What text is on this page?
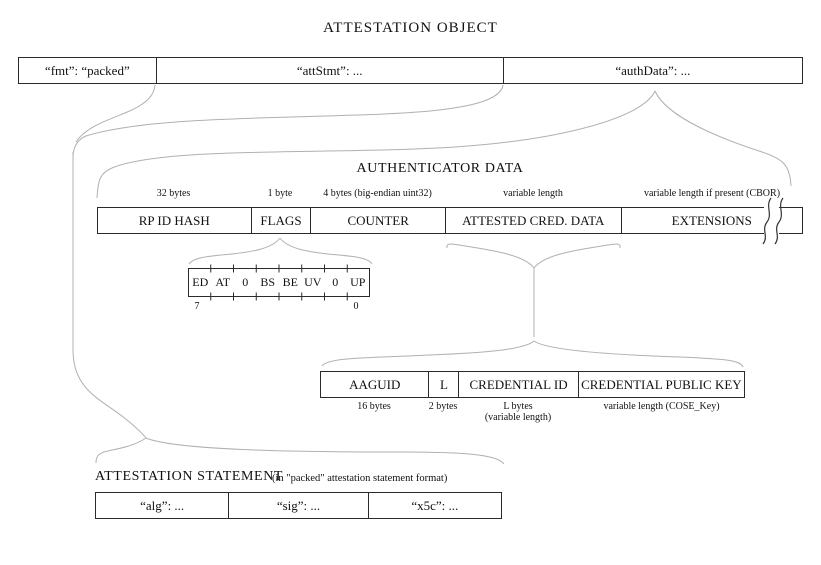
ATTESTATION OBJECT
“fmt”: “packed”	“attStmt”: ...	“authData”: ...
AUTHENTICATOR DATA
32 bytes	1 byte	4 bytes (big-endian uint32)	variable length	variable length if present (CBOR)
RP ID HASH	FLAGS	COUNTER	ATTESTED CRED. DATA	EXTENSIONS
ED AT	0	BS BE UV 0 UP
7	0
AAGUID	L	CREDENTIAL ID	CREDENTIAL PUBLIC KEY
16 bytes	2 bytes	L bytes
(variable length)
variable length (COSE_Key)
ATTESTATION STATEMENT
(in "packed" attestation statement format)
“alg”: ...	“sig”: ...	“x5c”: ...
